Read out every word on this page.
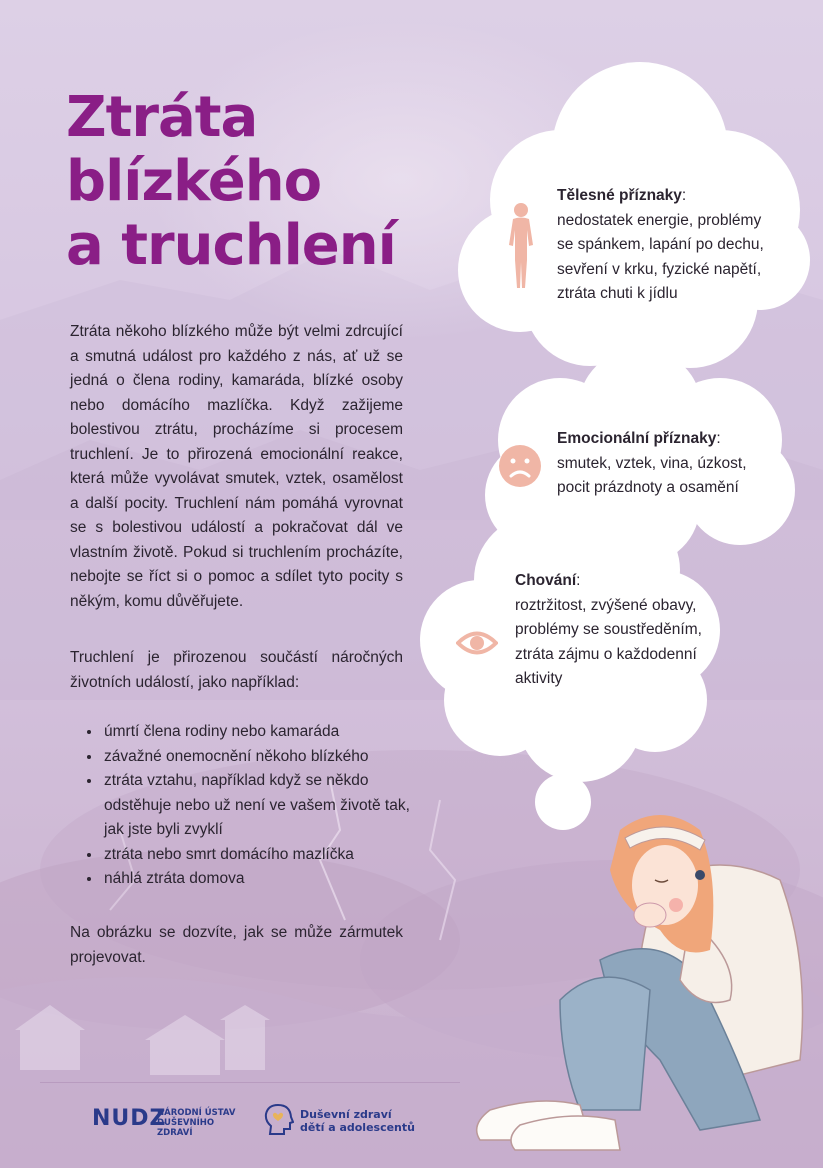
Ztráta
blízkého
a truchlení

Ztráta někoho blízkého může být velmi zdrcující a smutná událost pro každého z nás, ať už se jedná o člena rodiny, kamaráda, blízké osoby nebo domácího mazlíčka. Když zažijeme bolestivou ztrátu, procházíme si procesem truchlení. Je to přirozená emocionální reakce, která může vyvolávat smutek, vztek, osamělost a další pocity. Truchlení nám pomáhá vyrovnat se s bolestivou událostí a pokračovat dál ve vlastním životě. Pokud si truchlením procházíte, nebojte se říct si o pomoc a sdílet tyto pocity s někým, komu důvěřujete.

Truchlení je přirozenou součástí náročných životních událostí, jako například:

• úmrtí člena rodiny nebo kamaráda
• závažné onemocnění někoho blízkého
• ztráta vztahu, například když se někdo odstěhuje nebo už není ve vašem životě tak, jak jste byli zvyklí
• ztráta nebo smrt domácího mazlíčka
• náhlá ztráta domova

Na obrázku se dozvíte, jak se může zármutek projevovat.

Tělesné příznaky:
nedostatek energie, problémy se spánkem, lapání po dechu, sevření v krku, fyzické napětí, ztráta chuti k jídlu
Emocionální příznaky:
smutek, vztek, vina, úzkost, pocit prázdnoty a osamění
Chování:
roztržitost, zvýšené obavy, problémy se soustředěním, ztráta zájmu o každodenní aktivity
NUDZ
NÁRODNÍ ÚSTAV
DUŠEVNÍHO ZDRAVÍ
Duševní zdraví
dětí a adolescentů
